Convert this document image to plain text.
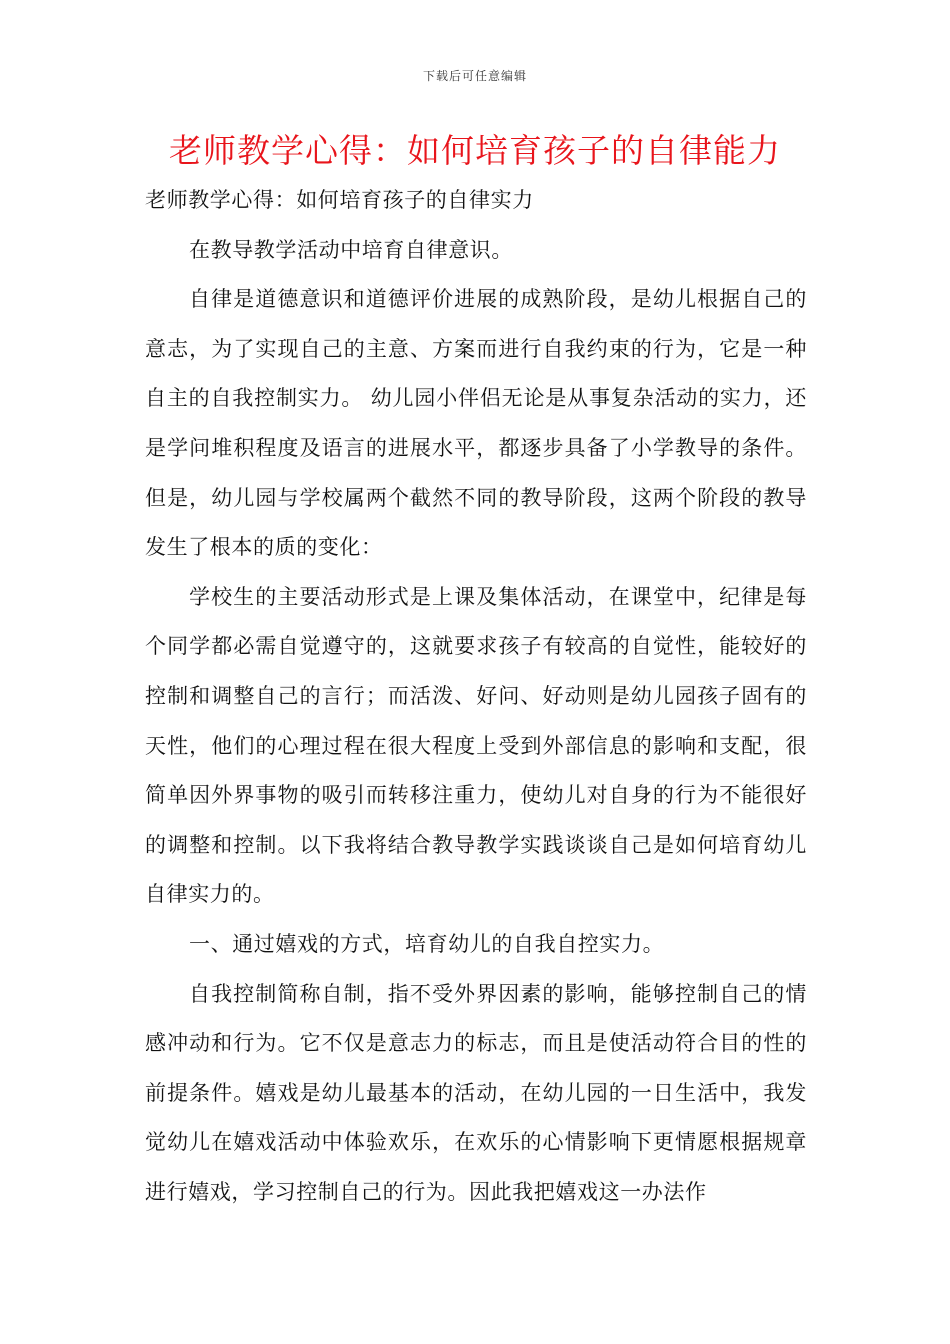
下载后可任意编辑
老师教学心得：如何培育孩子的自律能力

老师教学心得：如何培育孩子的自律实力

在教导教学活动中培育自律意识。

自律是道德意识和道德评价进展的成熟阶段，是幼儿根据自己的意志，为了实现自己的主意、方案而进行自我约束的行为，它是一种自主的自我控制实力。 幼儿园小伴侣无论是从事复杂活动的实力，还是学问堆积程度及语言的进展水平，都逐步具备了小学教导的条件。但是，幼儿园与学校属两个截然不同的教导阶段，这两个阶段的教导发生了根本的质的变化：

学校生的主要活动形式是上课及集体活动，在课堂中，纪律是每个同学都必需自觉遵守的，这就要求孩子有较高的自觉性，能较好的控制和调整自己的言行；而活泼、好问、好动则是幼儿园孩子固有的天性，他们的心理过程在很大程度上受到外部信息的影响和支配，很简单因外界事物的吸引而转移注重力，使幼儿对自身的行为不能很好的调整和控制。以下我将结合教导教学实践谈谈自己是如何培育幼儿自律实力的。

一、通过嬉戏的方式，培育幼儿的自我自控实力。

自我控制简称自制，指不受外界因素的影响，能够控制自己的情感冲动和行为。它不仅是意志力的标志，而且是使活动符合目的性的前提条件。嬉戏是幼儿最基本的活动，在幼儿园的一日生活中，我发觉幼儿在嬉戏活动中体验欢乐，在欢乐的心情影响下更情愿根据规章进行嬉戏，学习控制自己的行为。因此我把嬉戏这一办法作
